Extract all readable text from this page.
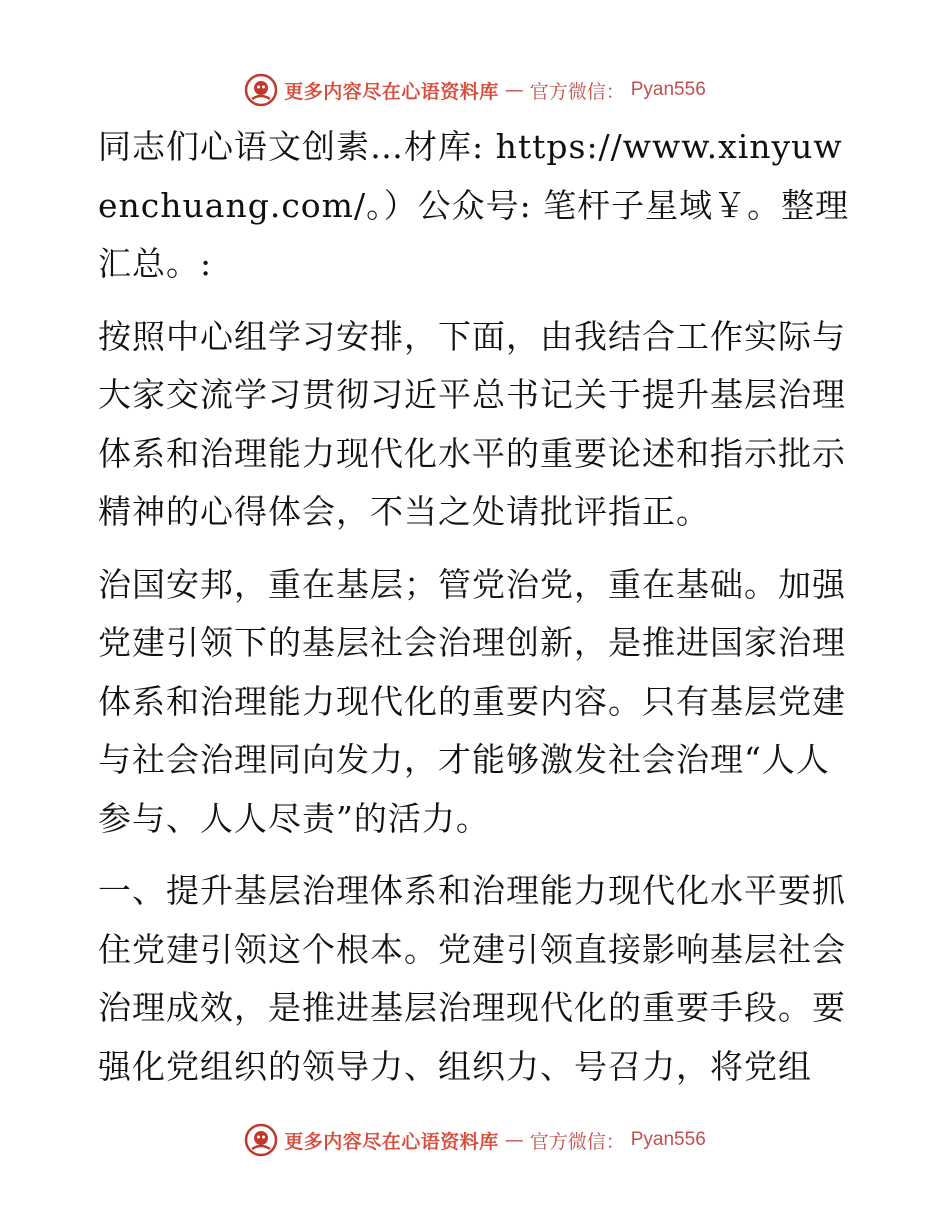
更多内容尽在心语资料库 — 官方微信： Pyan556

同志们心语文创素…材库: https://www.xinyuwenchuang.com/。）公众号: 笔杆子星域￥。整理汇总。:

按照中心组学习安排，下面，由我结合工作实际与大家交流学习贯彻习近平总书记关于提升基层治理体系和治理能力现代化水平的重要论述和指示批示精神的心得体会，不当之处请批评指正。

治国安邦，重在基层；管党治党，重在基础。加强党建引领下的基层社会治理创新，是推进国家治理体系和治理能力现代化的重要内容。只有基层党建与社会治理同向发力，才能够激发社会治理“人人参与、人人尽责”的活力。

一、提升基层治理体系和治理能力现代化水平要抓住党建引领这个根本。党建引领直接影响基层社会治理成效，是推进基层治理现代化的重要手段。要强化党组织的领导力、组织力、号召力，将党组

更多内容尽在心语资料库 — 官方微信： Pyan556
